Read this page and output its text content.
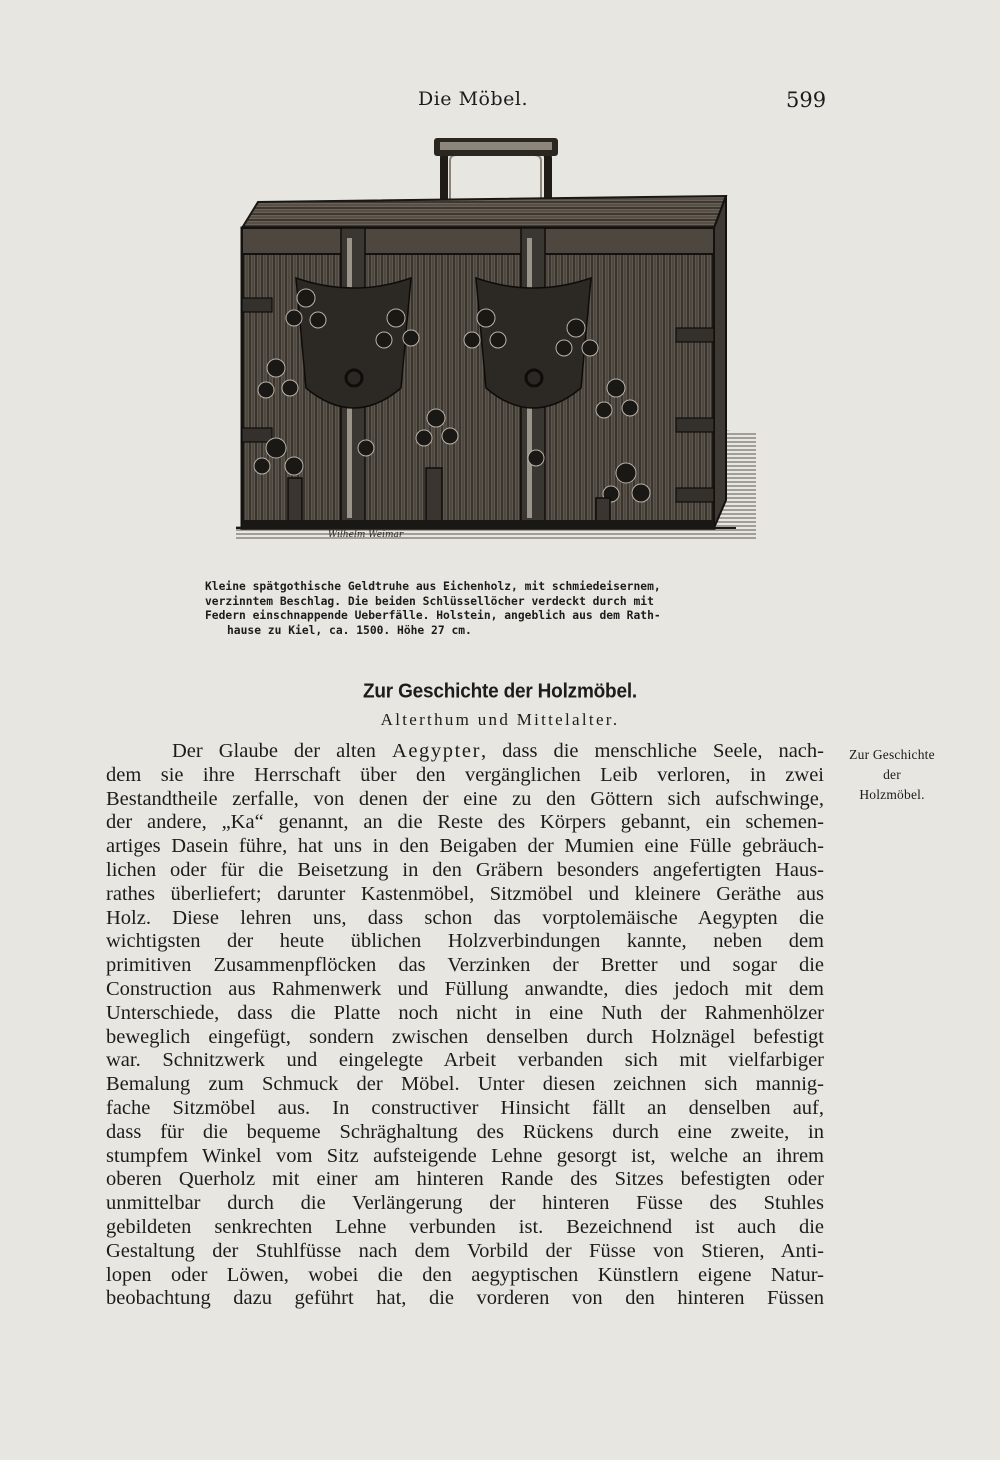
Die Möbel.	599
Wilhelm Weimar
Kleine spätgothische Geldtruhe aus Eichenholz, mit schmiedeisernem,
verzinntem Beschlag. Die beiden Schlüssellöcher verdeckt durch mit
Federn einschnappende Ueberfälle. Holstein, angeblich aus dem Rath-
hause zu Kiel, ca. 1500. Höhe 27 cm.
Zur Geschichte der Holzmöbel.
Alterthum und Mittelalter.
Zur Geschichte
der
Holzmöbel.
Der Glaube der alten Aegypter, dass die menschliche Seele, nach-
dem sie ihre Herrschaft über den vergänglichen Leib verloren, in zwei
Bestandtheile zerfalle, von denen der eine zu den Göttern sich aufschwinge,
der andere, „Ka“ genannt, an die Reste des Körpers gebannt, ein schemen-
artiges Dasein führe, hat uns in den Beigaben der Mumien eine Fülle gebräuch-
lichen oder für die Beisetzung in den Gräbern besonders angefertigten Haus-
rathes überliefert; darunter Kastenmöbel, Sitzmöbel und kleinere Geräthe aus
Holz. Diese lehren uns, dass schon das vorptolemäische Aegypten die
wichtigsten der heute üblichen Holzverbindungen kannte, neben dem
primitiven Zusammenpflöcken das Verzinken der Bretter und sogar die
Construction aus Rahmenwerk und Füllung anwandte, dies jedoch mit dem
Unterschiede, dass die Platte noch nicht in eine Nuth der Rahmenhölzer
beweglich eingefügt, sondern zwischen denselben durch Holznägel befestigt
war. Schnitzwerk und eingelegte Arbeit verbanden sich mit vielfarbiger
Bemalung zum Schmuck der Möbel. Unter diesen zeichnen sich mannig-
fache Sitzmöbel aus. In constructiver Hinsicht fällt an denselben auf,
dass für die bequeme Schräghaltung des Rückens durch eine zweite, in
stumpfem Winkel vom Sitz aufsteigende Lehne gesorgt ist, welche an ihrem
oberen Querholz mit einer am hinteren Rande des Sitzes befestigten oder
unmittelbar durch die Verlängerung der hinteren Füsse des Stuhles
gebildeten senkrechten Lehne verbunden ist. Bezeichnend ist auch die
Gestaltung der Stuhlfüsse nach dem Vorbild der Füsse von Stieren, Anti-
lopen oder Löwen, wobei die den aegyptischen Künstlern eigene Natur-
beobachtung dazu geführt hat, die vorderen von den hinteren Füssen
